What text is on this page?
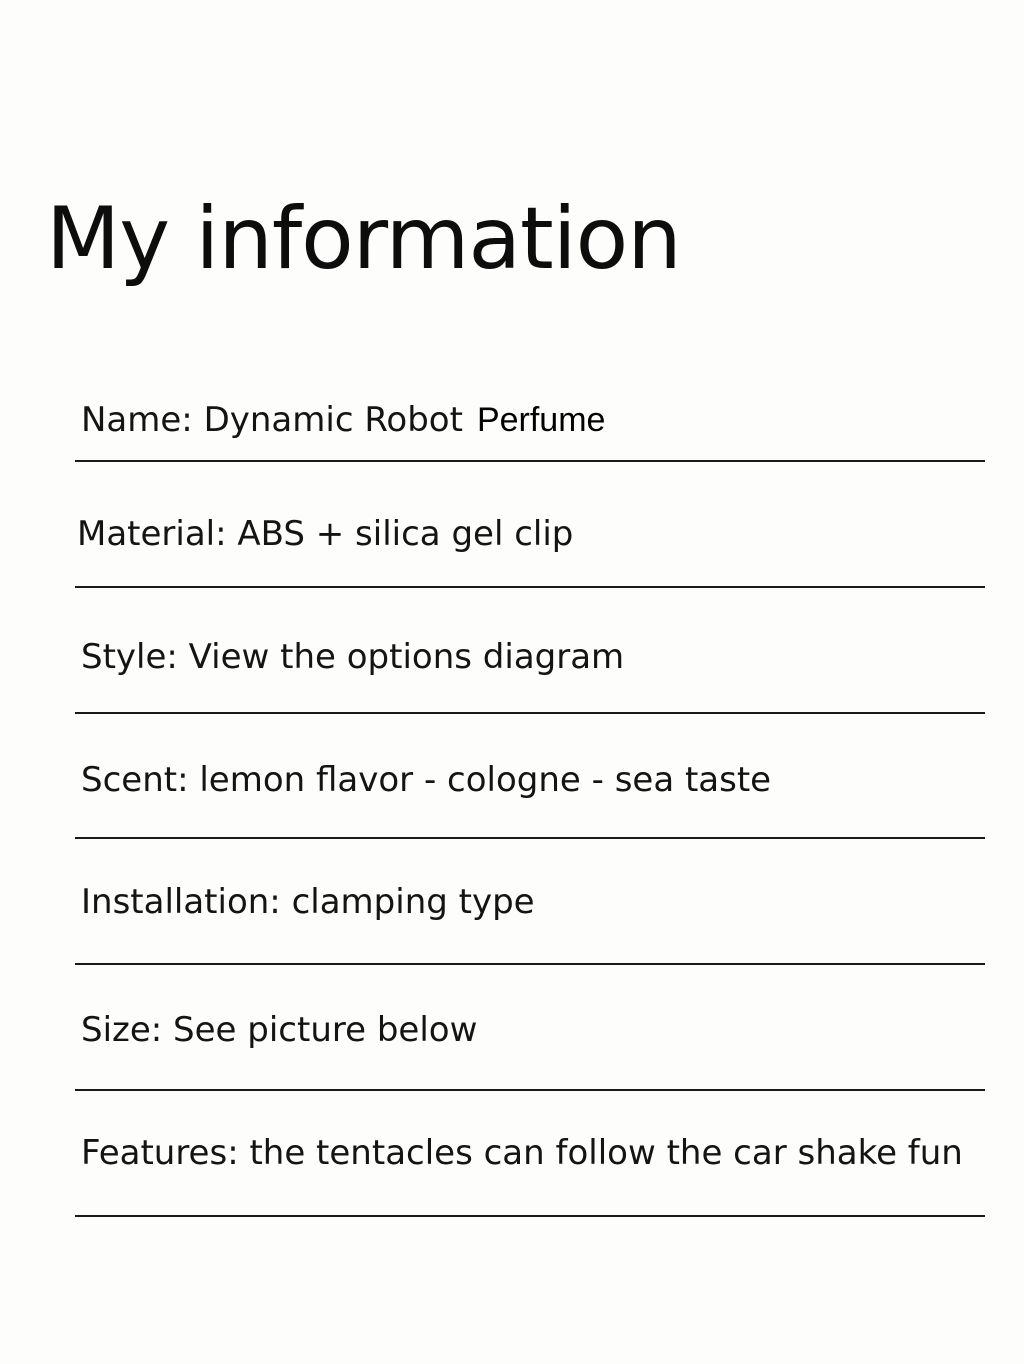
My information
Name: Dynamic Robot Perfume
Material: ABS + silica gel clip
Style: View the options diagram
Scent: lemon flavor - cologne - sea taste
Installation: clamping type
Size: See picture below
Features: the tentacles can follow the car shake fun
